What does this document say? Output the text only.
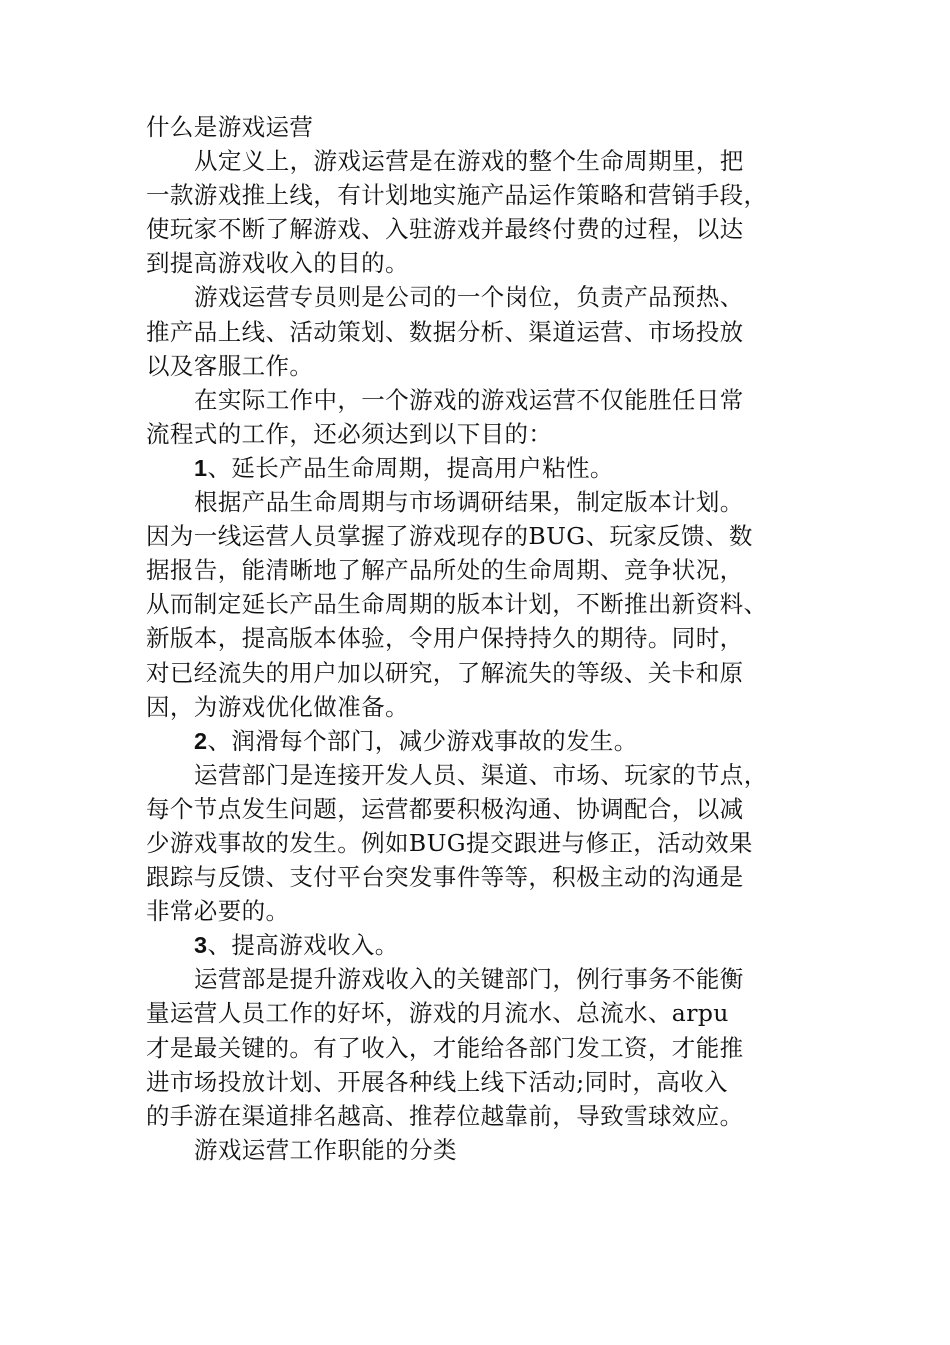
什么是游戏运营
从定义上，游戏运营是在游戏的整个生命周期里，把
一款游戏推上线，有计划地实施产品运作策略和营销手段，
使玩家不断了解游戏、入驻游戏并最终付费的过程，以达
到提高游戏收入的目的。
游戏运营专员则是公司的一个岗位，负责产品预热、
推产品上线、活动策划、数据分析、渠道运营、市场投放
以及客服工作。
在实际工作中，一个游戏的游戏运营不仅能胜任日常
流程式的工作，还必须达到以下目的：
1、延长产品生命周期，提高用户粘性。
根据产品生命周期与市场调研结果，制定版本计划。
因为一线运营人员掌握了游戏现存的BUG、玩家反馈、数
据报告，能清晰地了解产品所处的生命周期、竞争状况，
从而制定延长产品生命周期的版本计划，不断推出新资料、
新版本，提高版本体验，令用户保持持久的期待。同时，
对已经流失的用户加以研究，了解流失的等级、关卡和原
因，为游戏优化做准备。
2、润滑每个部门，减少游戏事故的发生。
运营部门是连接开发人员、渠道、市场、玩家的节点，
每个节点发生问题，运营都要积极沟通、协调配合，以减
少游戏事故的发生。例如BUG提交跟进与修正，活动效果
跟踪与反馈、支付平台突发事件等等，积极主动的沟通是
非常必要的。
3、提高游戏收入。
运营部是提升游戏收入的关键部门，例行事务不能衡
量运营人员工作的好坏，游戏的月流水、总流水、arpu
才是最关键的。有了收入，才能给各部门发工资，才能推
进市场投放计划、开展各种线上线下活动;同时，高收入
的手游在渠道排名越高、推荐位越靠前，导致雪球效应。
游戏运营工作职能的分类
